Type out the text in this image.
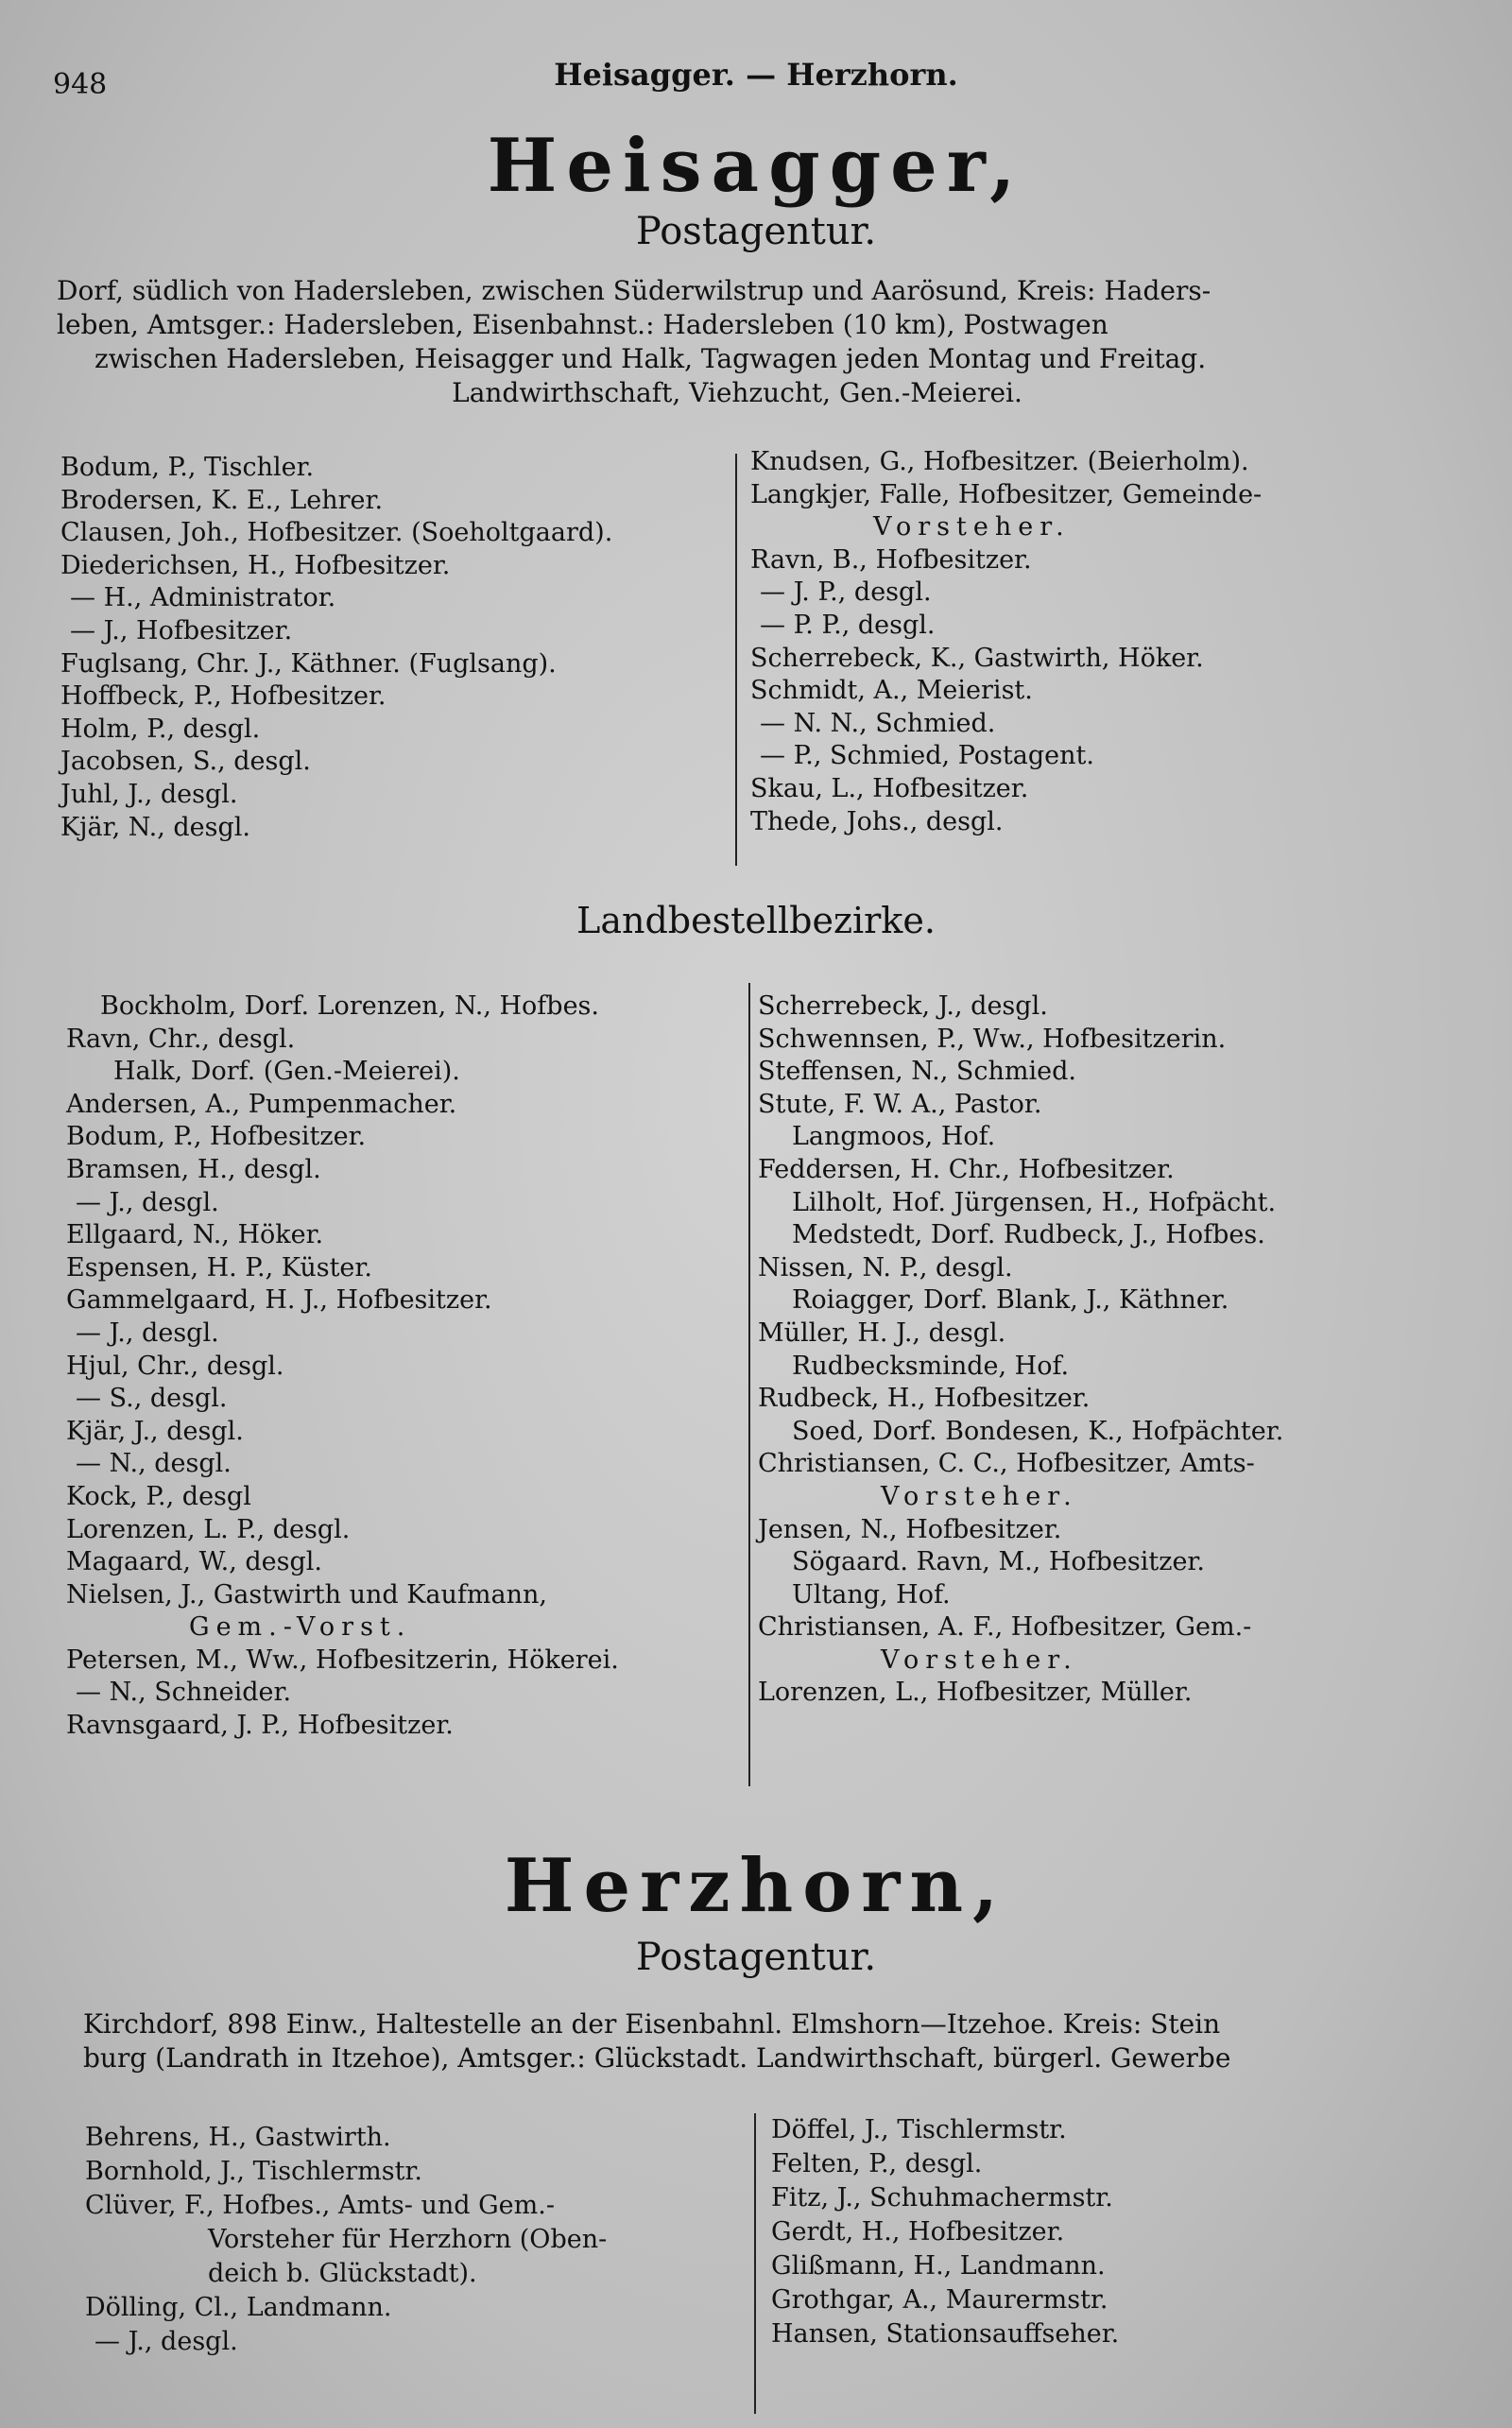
948	Heisagger. — Herzhorn.
Heisagger,
Postagentur.

Dorf, südlich von Hadersleben, zwischen Süderwilstrup und Aarösund, Kreis: Haders-

leben, Amtsger.: Hadersleben, Eisenbahnst.: Hadersleben (10 km), Postwagen

zwischen Hadersleben, Heisagger und Halk, Tagwagen jeden Montag und Freitag.

Landwirthschaft, Viehzucht, Gen.-Meierei.

Bodum, P., Tischler.
Brodersen, K. E., Lehrer.
Clausen, Joh., Hofbesitzer. (Soeholtgaard).
Diederichsen, H., Hofbesitzer.
— H., Administrator.
— J., Hofbesitzer.
Fuglsang, Chr. J., Käthner. (Fuglsang).
Hoffbeck, P., Hofbesitzer.
Holm, P., desgl.
Jacobsen, S., desgl.
Juhl, J., desgl.
Kjär, N., desgl.
Knudsen, G., Hofbesitzer. (Beierholm).
Langkjer, Falle, Hofbesitzer, Gemeinde-
Vorsteher.
Ravn, B., Hofbesitzer.
— J. P., desgl.
— P. P., desgl.
Scherrebeck, K., Gastwirth, Höker.
Schmidt, A., Meierist.
— N. N., Schmied.
— P., Schmied, Postagent.
Skau, L., Hofbesitzer.
Thede, Johs., desgl.
Landbestellbezirke.
Bockholm, Dorf. Lorenzen, N., Hofbes.
Ravn, Chr., desgl.
Halk, Dorf. (Gen.-Meierei).
Andersen, A., Pumpenmacher.
Bodum, P., Hofbesitzer.
Bramsen, H., desgl.
— J., desgl.
Ellgaard, N., Höker.
Espensen, H. P., Küster.
Gammelgaard, H. J., Hofbesitzer.
— J., desgl.
Hjul, Chr., desgl.
— S., desgl.
Kjär, J., desgl.
— N., desgl.
Kock, P., desgl
Lorenzen, L. P., desgl.
Magaard, W., desgl.
Nielsen, J., Gastwirth und Kaufmann,
Gem.-Vorst.
Petersen, M., Ww., Hofbesitzerin, Hökerei.
— N., Schneider.
Ravnsgaard, J. P., Hofbesitzer.
Scherrebeck, J., desgl.
Schwennsen, P., Ww., Hofbesitzerin.
Steffensen, N., Schmied.
Stute, F. W. A., Pastor.
Langmoos, Hof.
Feddersen, H. Chr., Hofbesitzer.
Lilholt, Hof. Jürgensen, H., Hofpächt.
Medstedt, Dorf. Rudbeck, J., Hofbes.
Nissen, N. P., desgl.
Roiagger, Dorf. Blank, J., Käthner.
Müller, H. J., desgl.
Rudbecksminde, Hof.
Rudbeck, H., Hofbesitzer.
Soed, Dorf. Bondesen, K., Hofpächter.
Christiansen, C. C., Hofbesitzer, Amts-
Vorsteher.
Jensen, N., Hofbesitzer.
Sögaard. Ravn, M., Hofbesitzer.
Ultang, Hof.
Christiansen, A. F., Hofbesitzer, Gem.-
Vorsteher.
Lorenzen, L., Hofbesitzer, Müller.
Herzhorn,
Postagentur.

Kirchdorf, 898 Einw., Haltestelle an der Eisenbahnl. Elmshorn—Itzehoe. Kreis: Stein

burg (Landrath in Itzehoe), Amtsger.: Glückstadt. Landwirthschaft, bürgerl. Gewerbe

Behrens, H., Gastwirth.
Bornhold, J., Tischlermstr.
Clüver, F., Hofbes., Amts- und Gem.-
Vorsteher für Herzhorn (Oben-
deich b. Glückstadt).
Dölling, Cl., Landmann.
— J., desgl.
Döffel, J., Tischlermstr.
Felten, P., desgl.
Fitz, J., Schuhmachermstr.
Gerdt, H., Hofbesitzer.
Glißmann, H., Landmann.
Grothgar, A., Maurermstr.
Hansen, Stationsauffseher.
